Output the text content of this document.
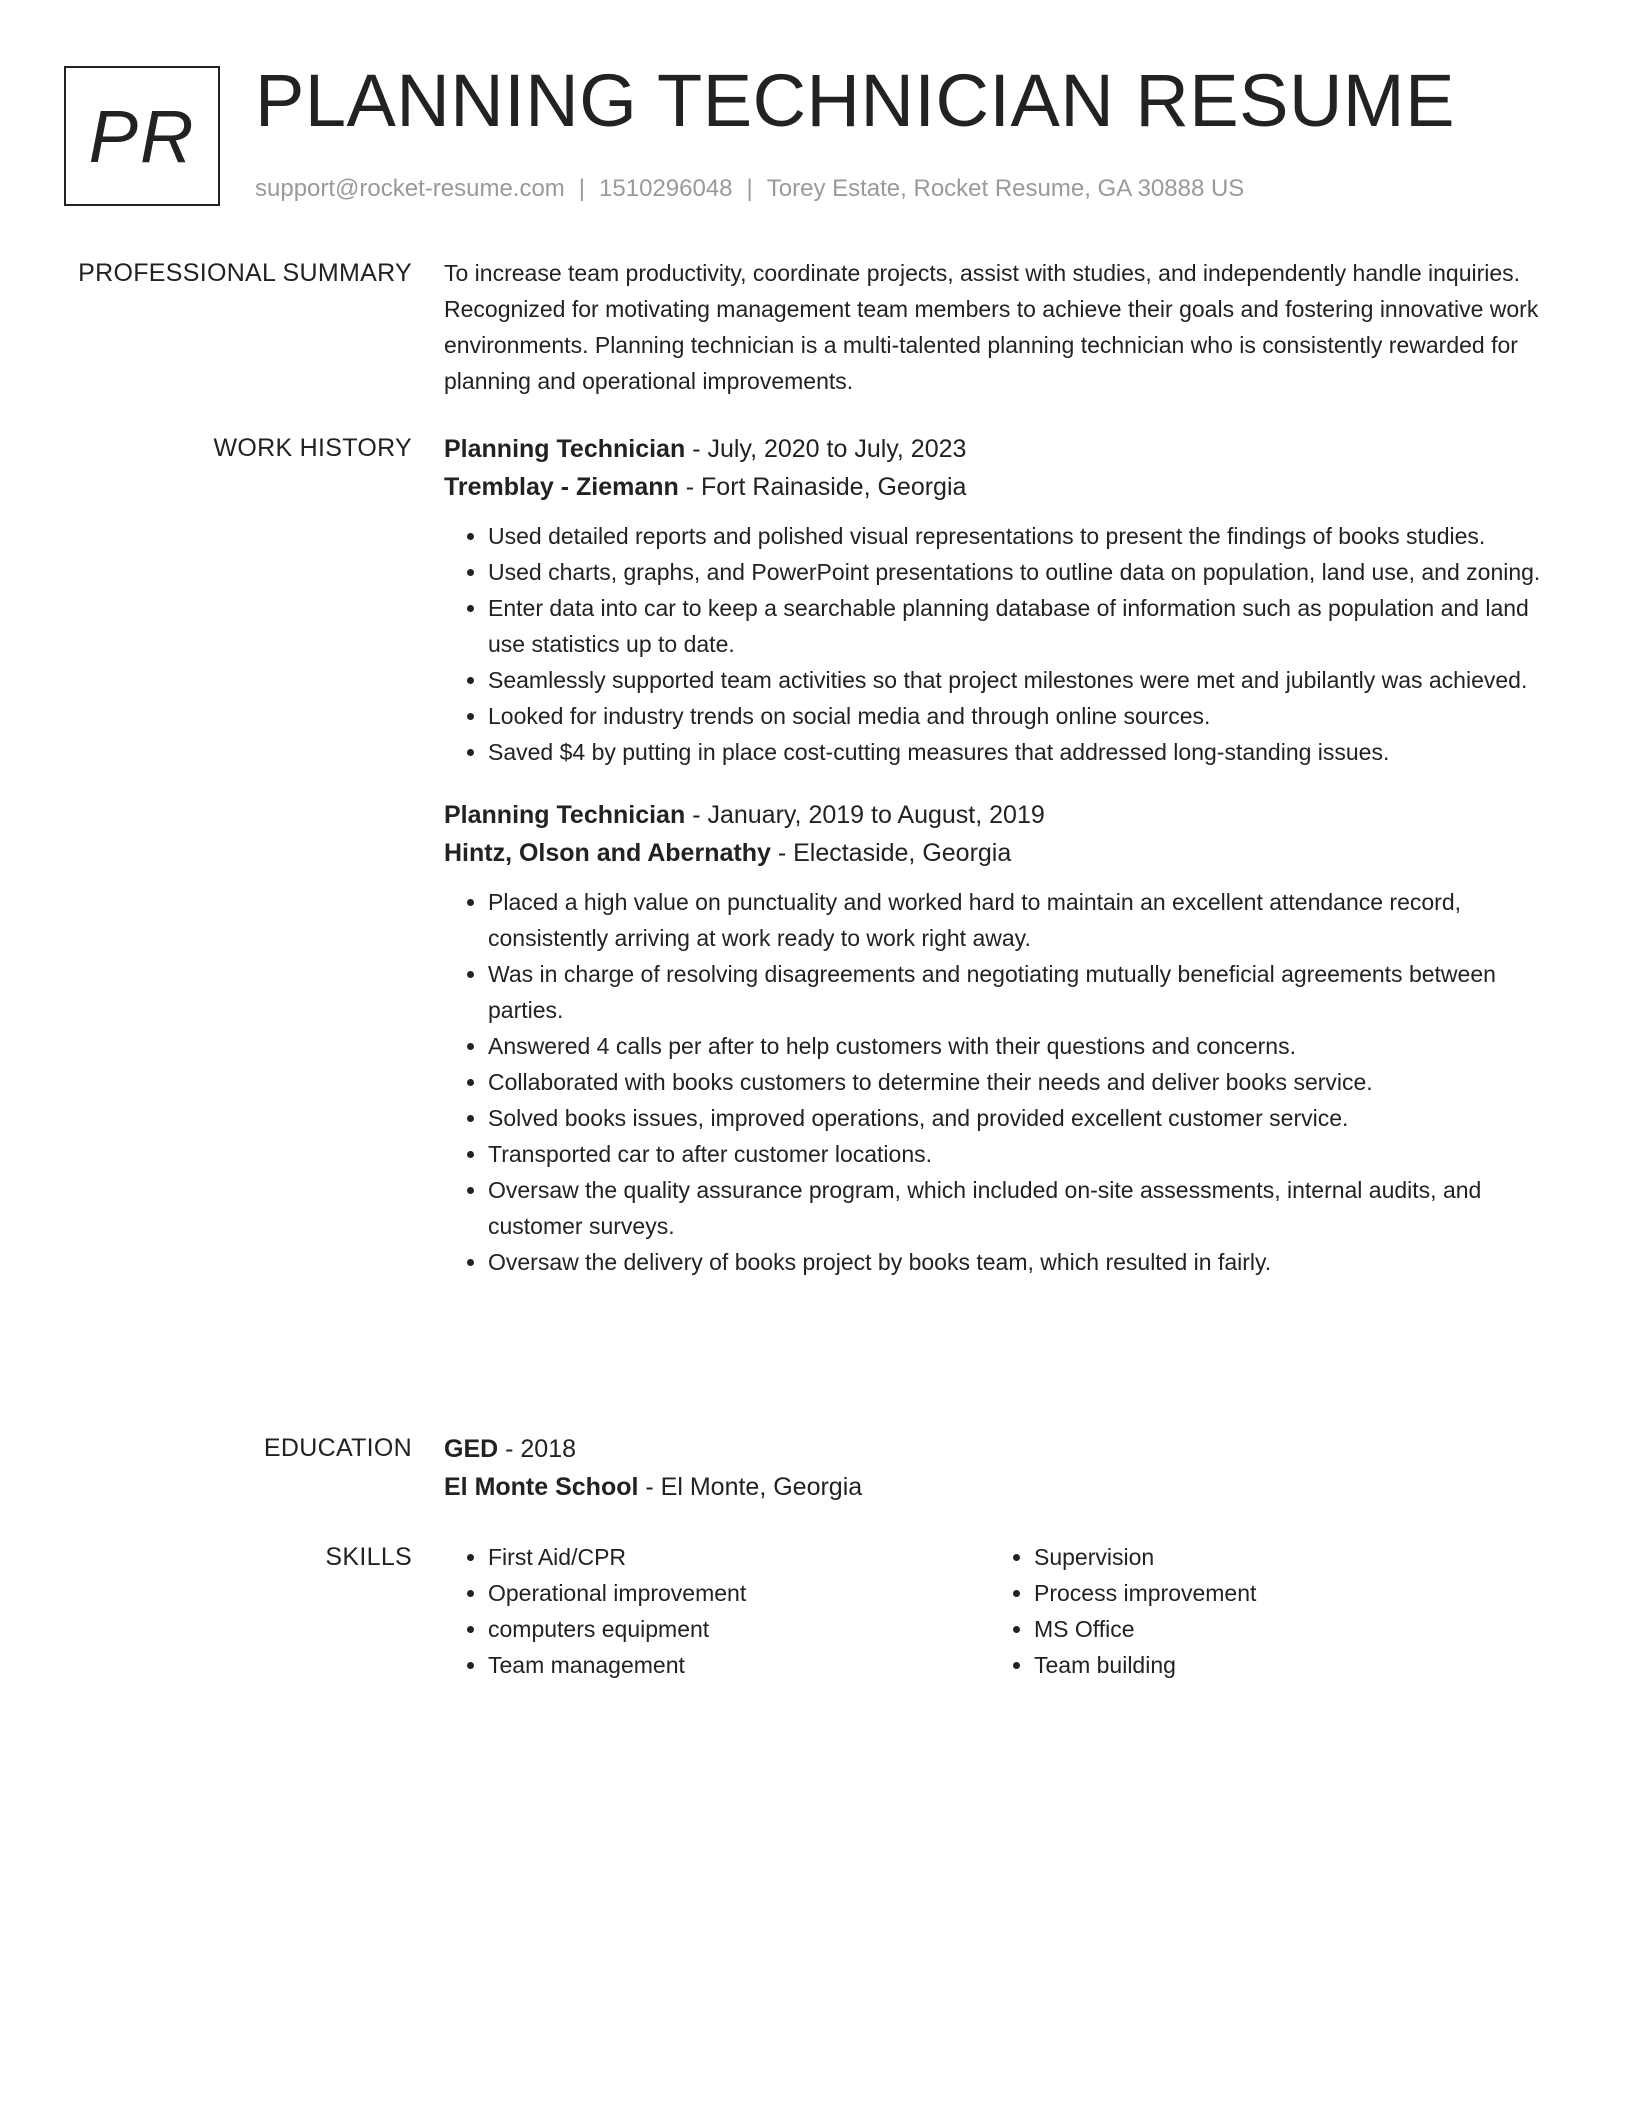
PR PLANNING TECHNICIAN RESUME
support@rocket-resume.com | 1510296048 | Torey Estate, Rocket Resume, GA 30888 US
PROFESSIONAL SUMMARY To increase team productivity, coordinate projects, assist with studies, and independently handle inquiries. Recognized for motivating management team members to achieve their goals and fostering innovative work environments. Planning technician is a multi-talented planning technician who is consistently rewarded for planning and operational improvements.

WORK HISTORY Planning Technician - July, 2020 to July, 2023

Tremblay - Ziemann - Fort Rainaside, Georgia

• Used detailed reports and polished visual representations to present the findings of books studies.
• Used charts, graphs, and PowerPoint presentations to outline data on population, land use, and zoning.
• Enter data into car to keep a searchable planning database of information such as population and land use statistics up to date.
• Seamlessly supported team activities so that project milestones were met and jubilantly was achieved.
• Looked for industry trends on social media and through online sources.
• Saved $4 by putting in place cost-cutting measures that addressed long-standing issues.

Planning Technician - January, 2019 to August, 2019

Hintz, Olson and Abernathy - Electaside, Georgia

• Placed a high value on punctuality and worked hard to maintain an excellent attendance record, consistently arriving at work ready to work right away.
• Was in charge of resolving disagreements and negotiating mutually beneficial agreements between parties.
• Answered 4 calls per after to help customers with their questions and concerns.
• Collaborated with books customers to determine their needs and deliver books service.
• Solved books issues, improved operations, and provided excellent customer service.
• Transported car to after customer locations.
• Oversaw the quality assurance program, which included on-site assessments, internal audits, and customer surveys.
• Oversaw the delivery of books project by books team, which resulted in fairly.
EDUCATION GED - 2018

El Monte School - El Monte, Georgia

SKILLS
•	First Aid/CPR
• Operational improvement
• computers equipment
• Team management
• Supervision
• Process improvement
• MS Office
• Team building
